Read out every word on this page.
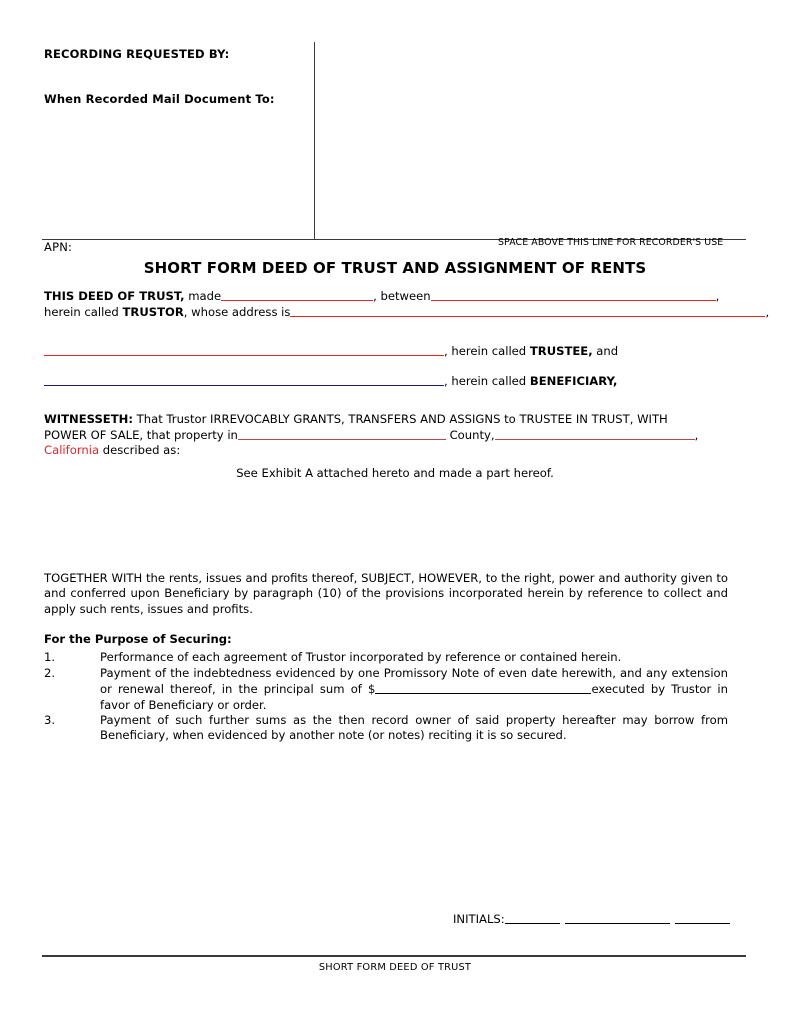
RECORDING REQUESTED BY:
When Recorded Mail Document To:
APN:	SPACE ABOVE THIS LINE FOR RECORDER'S USE
SHORT FORM DEED OF TRUST AND ASSIGNMENT OF RENTS
THIS DEED OF TRUST, made	, between	,
herein called TRUSTOR, whose address is	,
, herein called TRUSTEE, and
, herein called BENEFICIARY,
WITNESSETH: That Trustor IRREVOCABLY GRANTS, TRANSFERS AND ASSIGNS to TRUSTEE IN TRUST, WITH
POWER OF SALE, that property in	County,	,
California described as:
See Exhibit A attached hereto and made a part hereof.
TOGETHER WITH the rents, issues and profits thereof, SUBJECT, HOWEVER, to the right, power and authority given to and conferred upon Beneficiary by paragraph (10) of the provisions incorporated herein by reference to collect and apply such rents, issues and profits.
For the Purpose of Securing:
1.	Performance of each agreement of Trustor incorporated by reference or contained herein.
2.	Payment of the indebtedness evidenced by one Promissory Note of even date herewith, and any extension or renewal thereof, in the principal sum of $	executed by Trustor in favor of Beneficiary or order.
3.	Payment of such further sums as the then record owner of said property hereafter may borrow from Beneficiary, when evidenced by another note (or notes) reciting it is so secured.
INITIALS:
SHORT FORM DEED OF TRUST
